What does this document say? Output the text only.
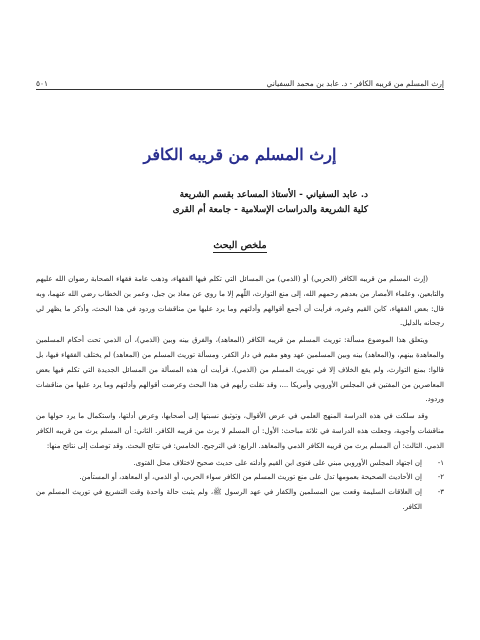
إرث المسلم من قريبه الكافر - د. عابد بن محمد السفياني
٥٠١
إرث المسلم من قريبه الكافر
د. عابد السفياني - الأستاذ المساعد بقسم الشريعة
كلية الشريعة والدراسات الإسلامية - جامعة أم القرى
ملخص البحث

(إرث المسلم من قريبه الكافر (الحربي) أو (الذمي) من المسائل التي تكلم فيها الفقهاء، وذهب عامة فقهاء الصحابة رضوان الله عليهم والتابعين، وعلماء الأمصار من بعدهم رحمهم الله، إلى منع التوارث، اللّهم إلا ما روي عن معاذ بن جبل، وعمر بن الخطاب رضي الله عنهما، وبه قال: بعض الفقهاء، كابن القيم وغيره، فرأيت أن أجمع أقوالهم وأدلتهم وما يرد عليها من مناقشات وردود في هذا البحث، وأذكر ما يظهر لي رجحانه بالدليل.

ويتعلق هذا الموضوع مسألة: توريث المسلم من قريبه الكافر (المعاهد)، والفرق بينه وبين (الذمي)، أن الذمي تحت أحكام المسلمين والمعاهدة بينهم، و(المعاهد) بينه وبين المسلمين عهد وهو مقيم في دار الكفر. ومسألة توريث المسلم من (المعاهد) لم يختلف الفقهاء فيها، بل قالوا: بمنع التوارث، ولم يقع الخلاف إلا في توريث المسلم من (الذمي). فرأيت أن هذه المسألة من المسائل الجديدة التي تكلم فيها بعض المعاصرين من المفتين في المجلس الأوروبي وأمريكا ...، وقد نقلت رأيهم في هذا البحث وعرضت أقوالهم وأدلتهم وما يرد عليها من مناقشات وردود.

وقد سلكت في هذه الدراسة المنهج العلمي في عرض الأقوال، وتوثيق نسبتها إلى أصحابها، وعرض أدلتها، واستكمال ما يرد حولها من مناقشات وأجوبة، وجعلت هذه الدراسة في ثلاثة مباحث: الأول: أن المسلم لا يرث من قريبه الكافر. الثاني: أن المسلم يرث من قريبه الكافر الذمي. الثالث: أن المسلم يرث من قريبه الكافر الذمي والمعاهد. الرابع: في الترجيح. الخامس: في نتائج البحث. وقد توصلت إلى نتائج منها:

١-
إن اجتهاد المجلس الأوروبي مبني على فتوى ابن القيم وأدلته على حديث صحيح لاختلاف محل الفتوى.
٢-
إن الأحاديث الصحيحة بعمومها تدل على منع توريث المسلم من الكافر سواء الحربي، أو الذمي، أو المعاهد، أو المستأمن.
٣-
إن العلاقات السليمة وقعت بين المسلمين والكفار في عهد الرسول ﷺ، ولم يثبت حالة واحدة وقت التشريع في توريث المسلم من الكافر.
